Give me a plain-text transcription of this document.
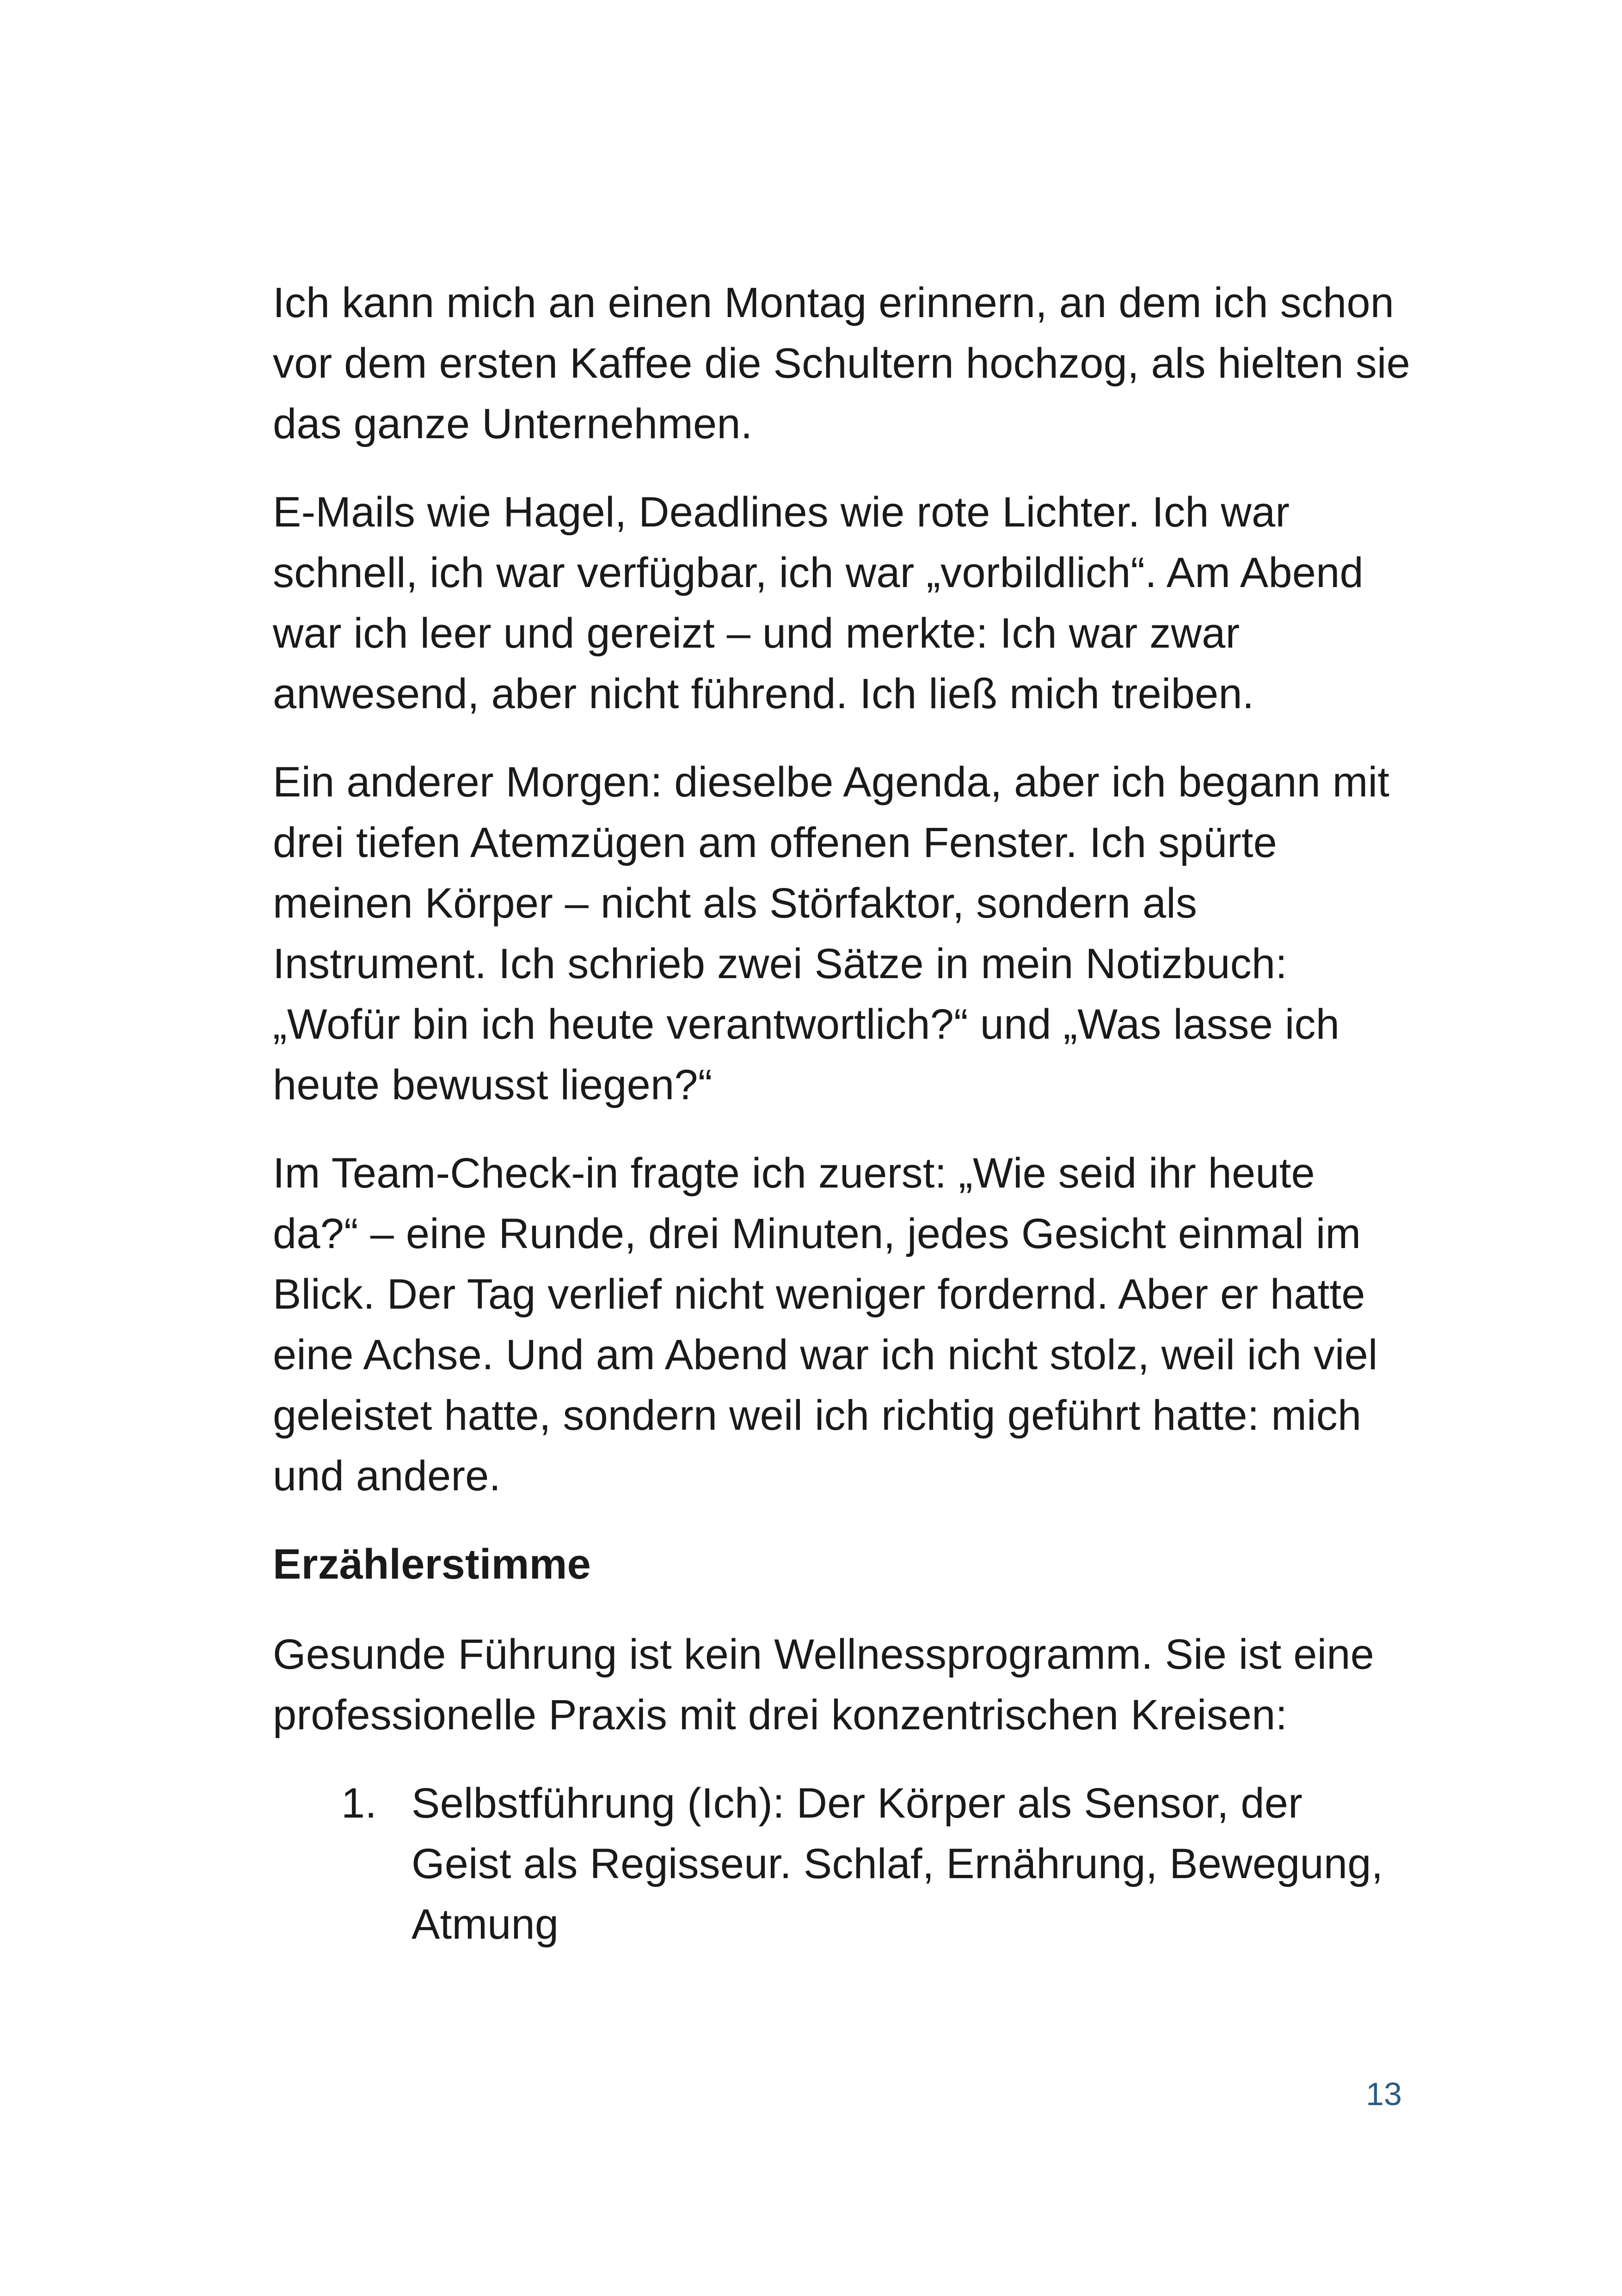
Ich kann mich an einen Montag erinnern, an dem ich schon vor dem ersten Kaffee die Schultern hochzog, als hielten sie das ganze Unternehmen.

E-Mails wie Hagel, Deadlines wie rote Lichter. Ich war schnell, ich war verfügbar, ich war „vorbildlich“. Am Abend war ich leer und gereizt – und merkte: Ich war zwar anwesend, aber nicht führend. Ich ließ mich treiben.

Ein anderer Morgen: dieselbe Agenda, aber ich begann mit drei tiefen Atemzügen am offenen Fenster. Ich spürte meinen Körper – nicht als Störfaktor, sondern als Instrument. Ich schrieb zwei Sätze in mein Notizbuch: „Wofür bin ich heute verantwortlich?“ und „Was lasse ich heute bewusst liegen?“

Im Team-Check-in fragte ich zuerst: „Wie seid ihr heute da?“ – eine Runde, drei Minuten, jedes Gesicht einmal im Blick. Der Tag verlief nicht weniger fordernd. Aber er hatte eine Achse. Und am Abend war ich nicht stolz, weil ich viel geleistet hatte, sondern weil ich richtig geführt hatte: mich und andere.

Erzählerstimme

Gesunde Führung ist kein Wellnessprogramm. Sie ist eine professionelle Praxis mit drei konzentrischen Kreisen:

1. Selbstführung (Ich): Der Körper als Sensor, der Geist als Regisseur. Schlaf, Ernährung, Bewegung, Atmung
13
